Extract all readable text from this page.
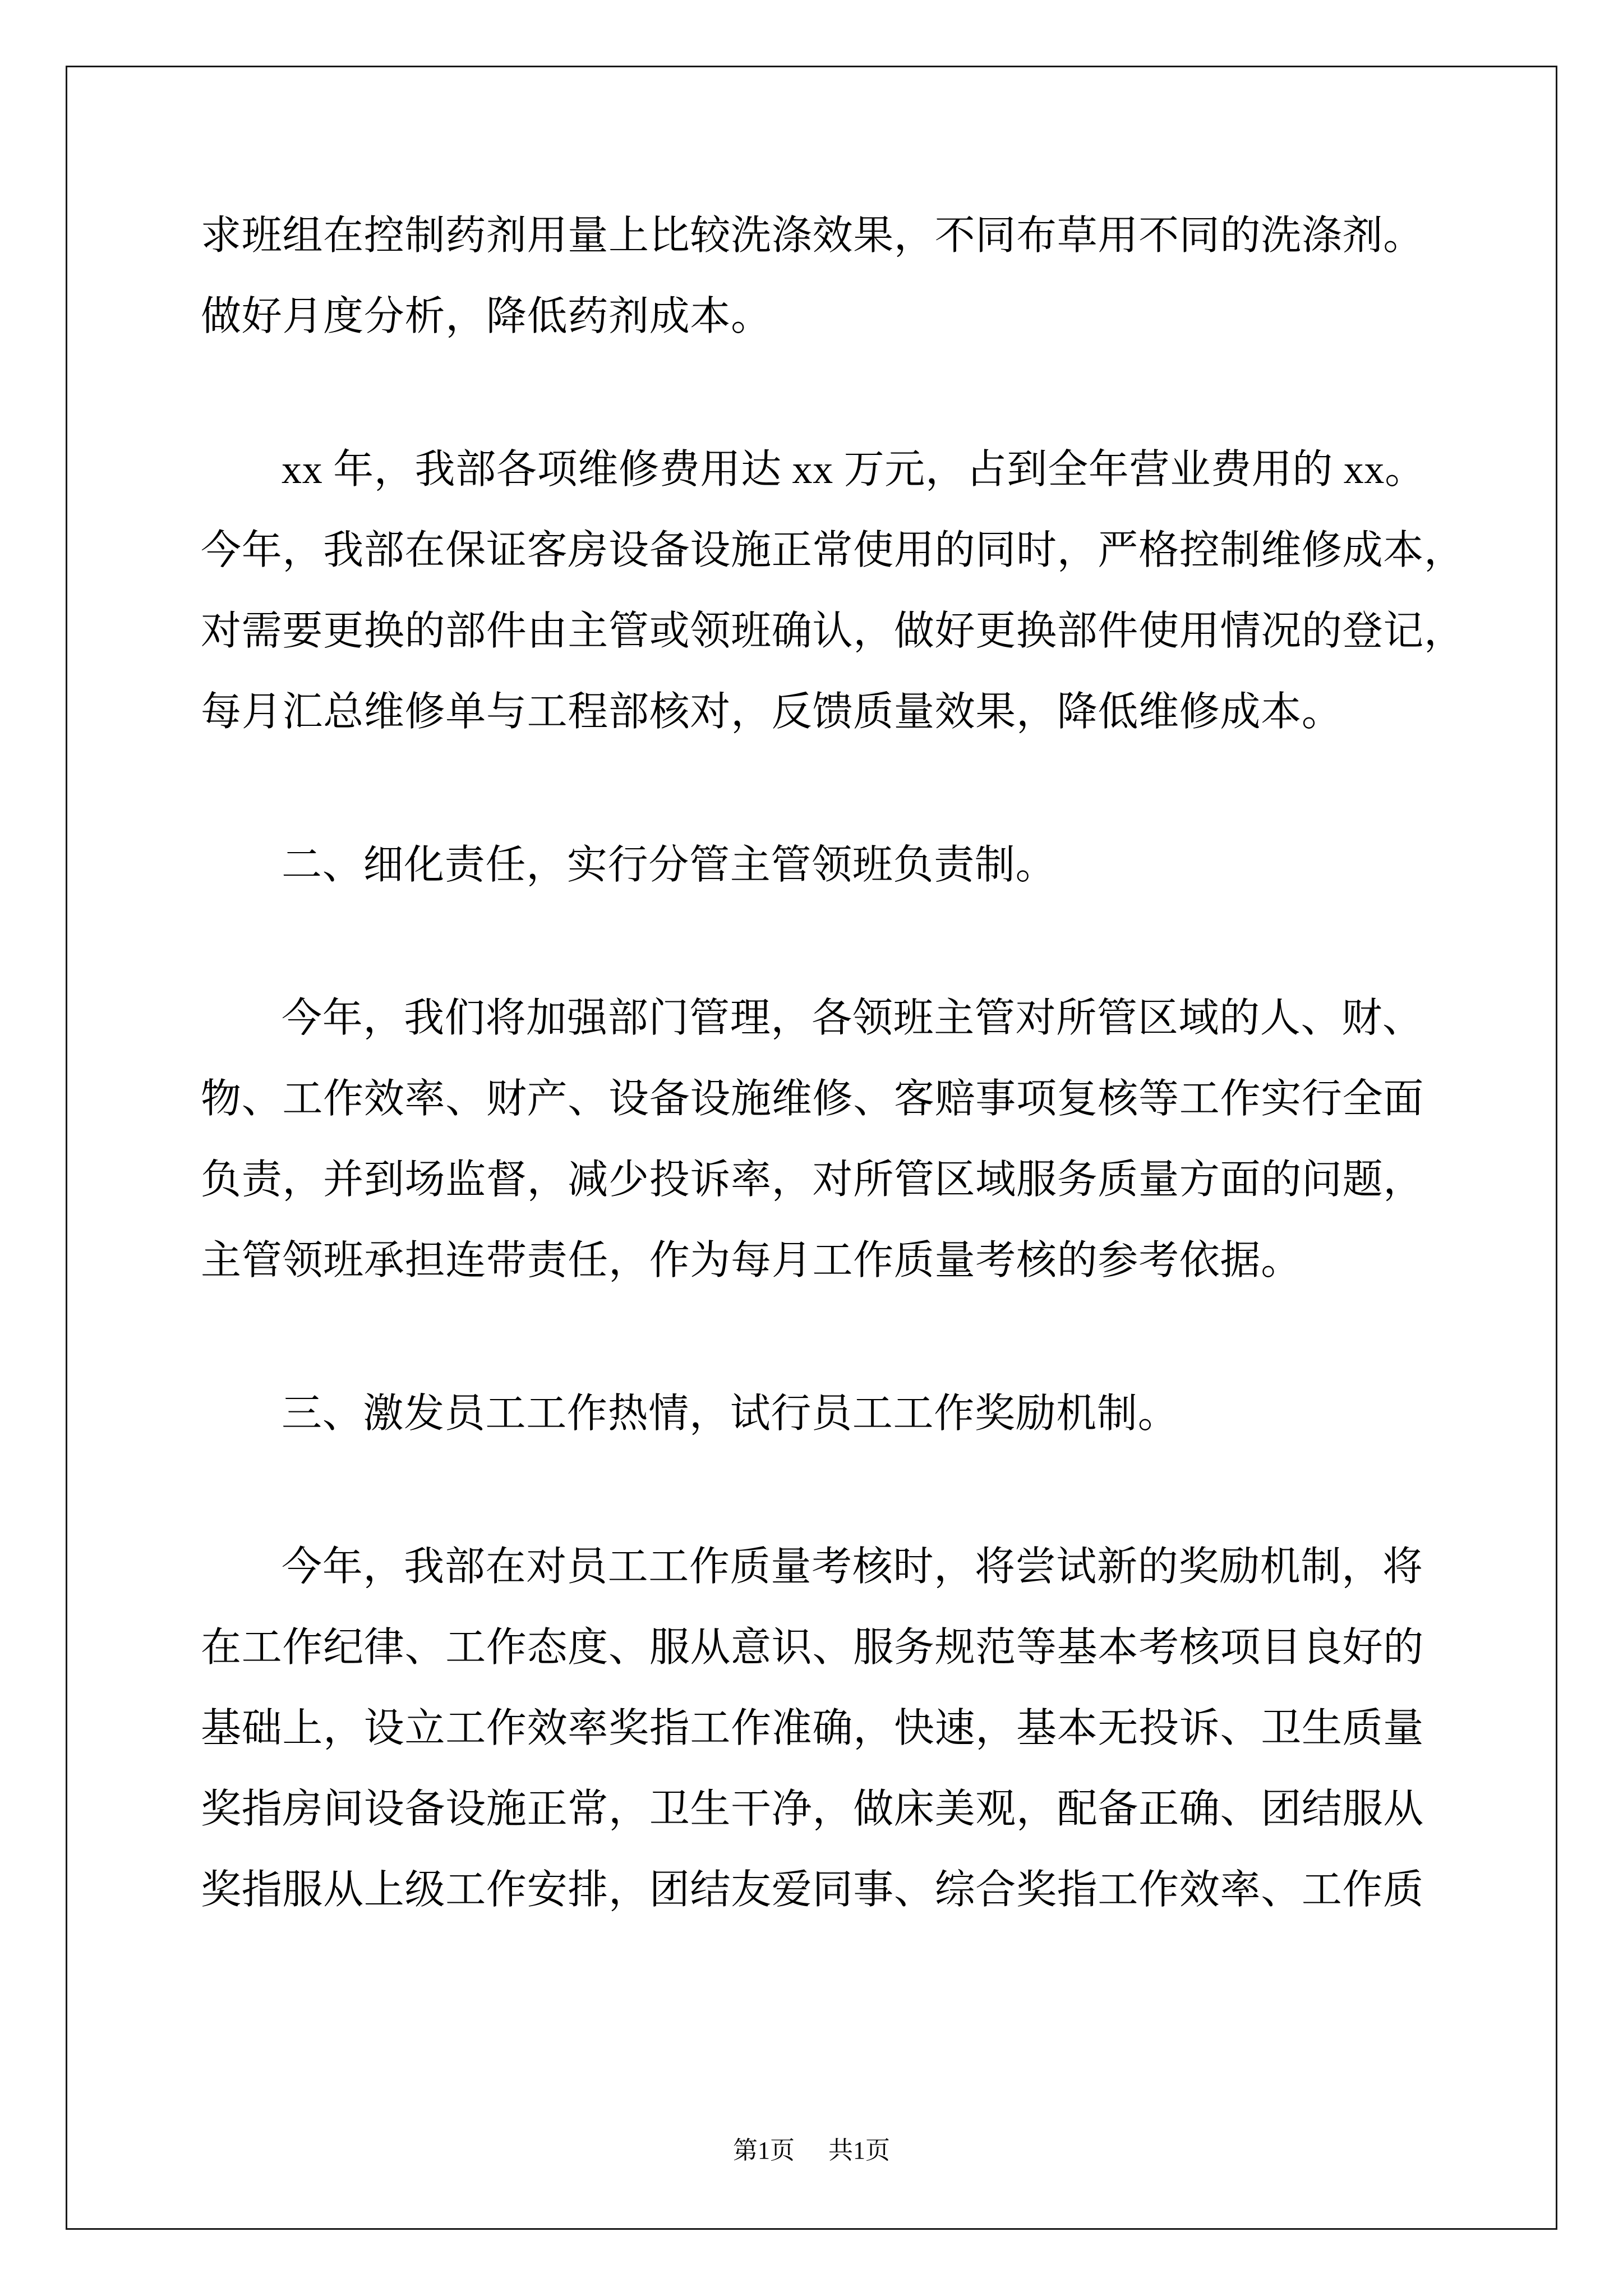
求班组在控制药剂用量上比较洗涤效果，不同布草用不同的洗涤剂。
做好月度分析，降低药剂成本。
xx 年，我部各项维修费用达 xx 万元，占到全年营业费用的 xx。
今年，我部在保证客房设备设施正常使用的同时，严格控制维修成本，
对需要更换的部件由主管或领班确认，做好更换部件使用情况的登记，
每月汇总维修单与工程部核对，反馈质量效果，降低维修成本。
二、细化责任，实行分管主管领班负责制。
今年，我们将加强部门管理，各领班主管对所管区域的人、财、
物、工作效率、财产、设备设施维修、客赔事项复核等工作实行全面
负责，并到场监督，减少投诉率，对所管区域服务质量方面的问题，
主管领班承担连带责任，作为每月工作质量考核的参考依据。
三、激发员工工作热情，试行员工工作奖励机制。
今年，我部在对员工工作质量考核时，将尝试新的奖励机制，将
在工作纪律、工作态度、服从意识、服务规范等基本考核项目良好的
基础上，设立工作效率奖指工作准确，快速，基本无投诉、卫生质量
奖指房间设备设施正常，卫生干净，做床美观，配备正确、团结服从
奖指服从上级工作安排，团结友爱同事、综合奖指工作效率、工作质
第1页 共1页
